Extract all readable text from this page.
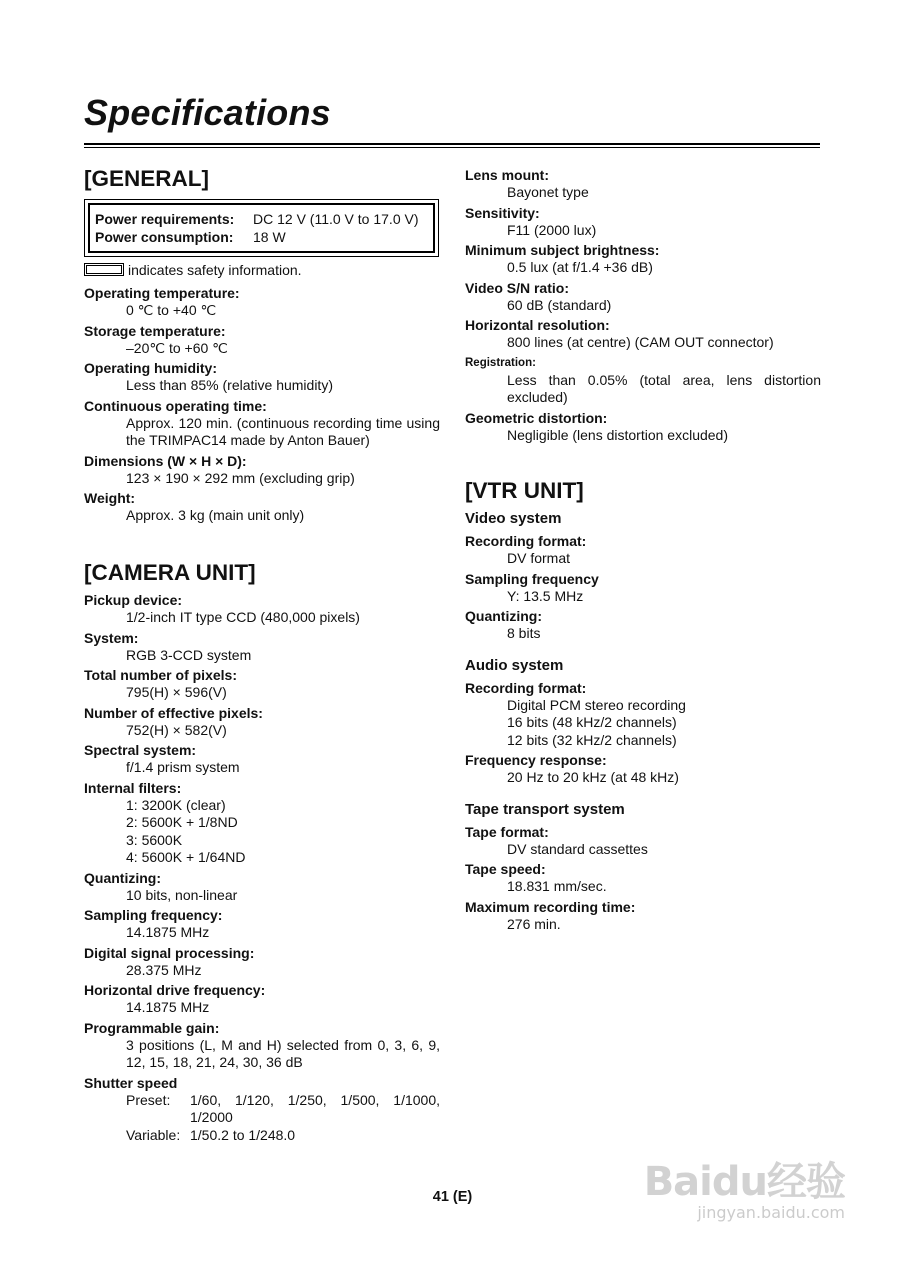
Specifications
[GENERAL]
Power requirements: DC 12 V (11.0 V to 17.0 V)
Power consumption: 18 W
indicates safety information.
Operating temperature:
0 ℃ to +40 ℃
Storage temperature:
–20℃ to +60 ℃
Operating humidity:
Less than 85% (relative humidity)
Continuous operating time:
Approx. 120 min. (continuous recording time using the TRIMPAC14 made by Anton Bauer)
Dimensions (W × H × D):
123 × 190 × 292 mm (excluding grip)
Weight:
Approx. 3 kg (main unit only)
[CAMERA UNIT]
Pickup device:
1/2-inch IT type CCD (480,000 pixels)
System:
RGB 3-CCD system
Total number of pixels:
795(H) × 596(V)
Number of effective pixels:
752(H) × 582(V)
Spectral system:
f/1.4 prism system
Internal filters:
1: 3200K (clear)
2: 5600K + 1/8ND
3: 5600K
4: 5600K + 1/64ND
Quantizing:
10 bits, non-linear
Sampling frequency:
14.1875 MHz
Digital signal processing:
28.375 MHz
Horizontal drive frequency:
14.1875 MHz
Programmable gain:
3 positions (L, M and H) selected from 0, 3, 6, 9, 12, 15, 18, 21, 24, 30, 36 dB
Shutter speed
Preset:	1/60, 1/120, 1/250, 1/500, 1/1000, 1/2000
Variable: 1/50.2 to 1/248.0
Lens mount:
Bayonet type
Sensitivity:
F11 (2000 lux)
Minimum subject brightness:
0.5 lux (at f/1.4 +36 dB)
Video S/N ratio:
60 dB (standard)
Horizontal resolution:
800 lines (at centre) (CAM OUT connector)
Registration:
Less than 0.05% (total area, lens distortion excluded)
Geometric distortion:
Negligible (lens distortion excluded)
[VTR UNIT]
Video system
Recording format:
DV format
Sampling frequency
Y: 13.5 MHz
Quantizing:
8 bits
Audio system
Recording format:
Digital PCM stereo recording
16 bits (48 kHz/2 channels)
12 bits (32 kHz/2 channels)
Frequency response:
20 Hz to 20 kHz (at 48 kHz)
Tape transport system
Tape format:
DV standard cassettes
Tape speed:
18.831 mm/sec.
Maximum recording time:
276 min.
41 (E)	Baidu经验
jingyan.baidu.com
